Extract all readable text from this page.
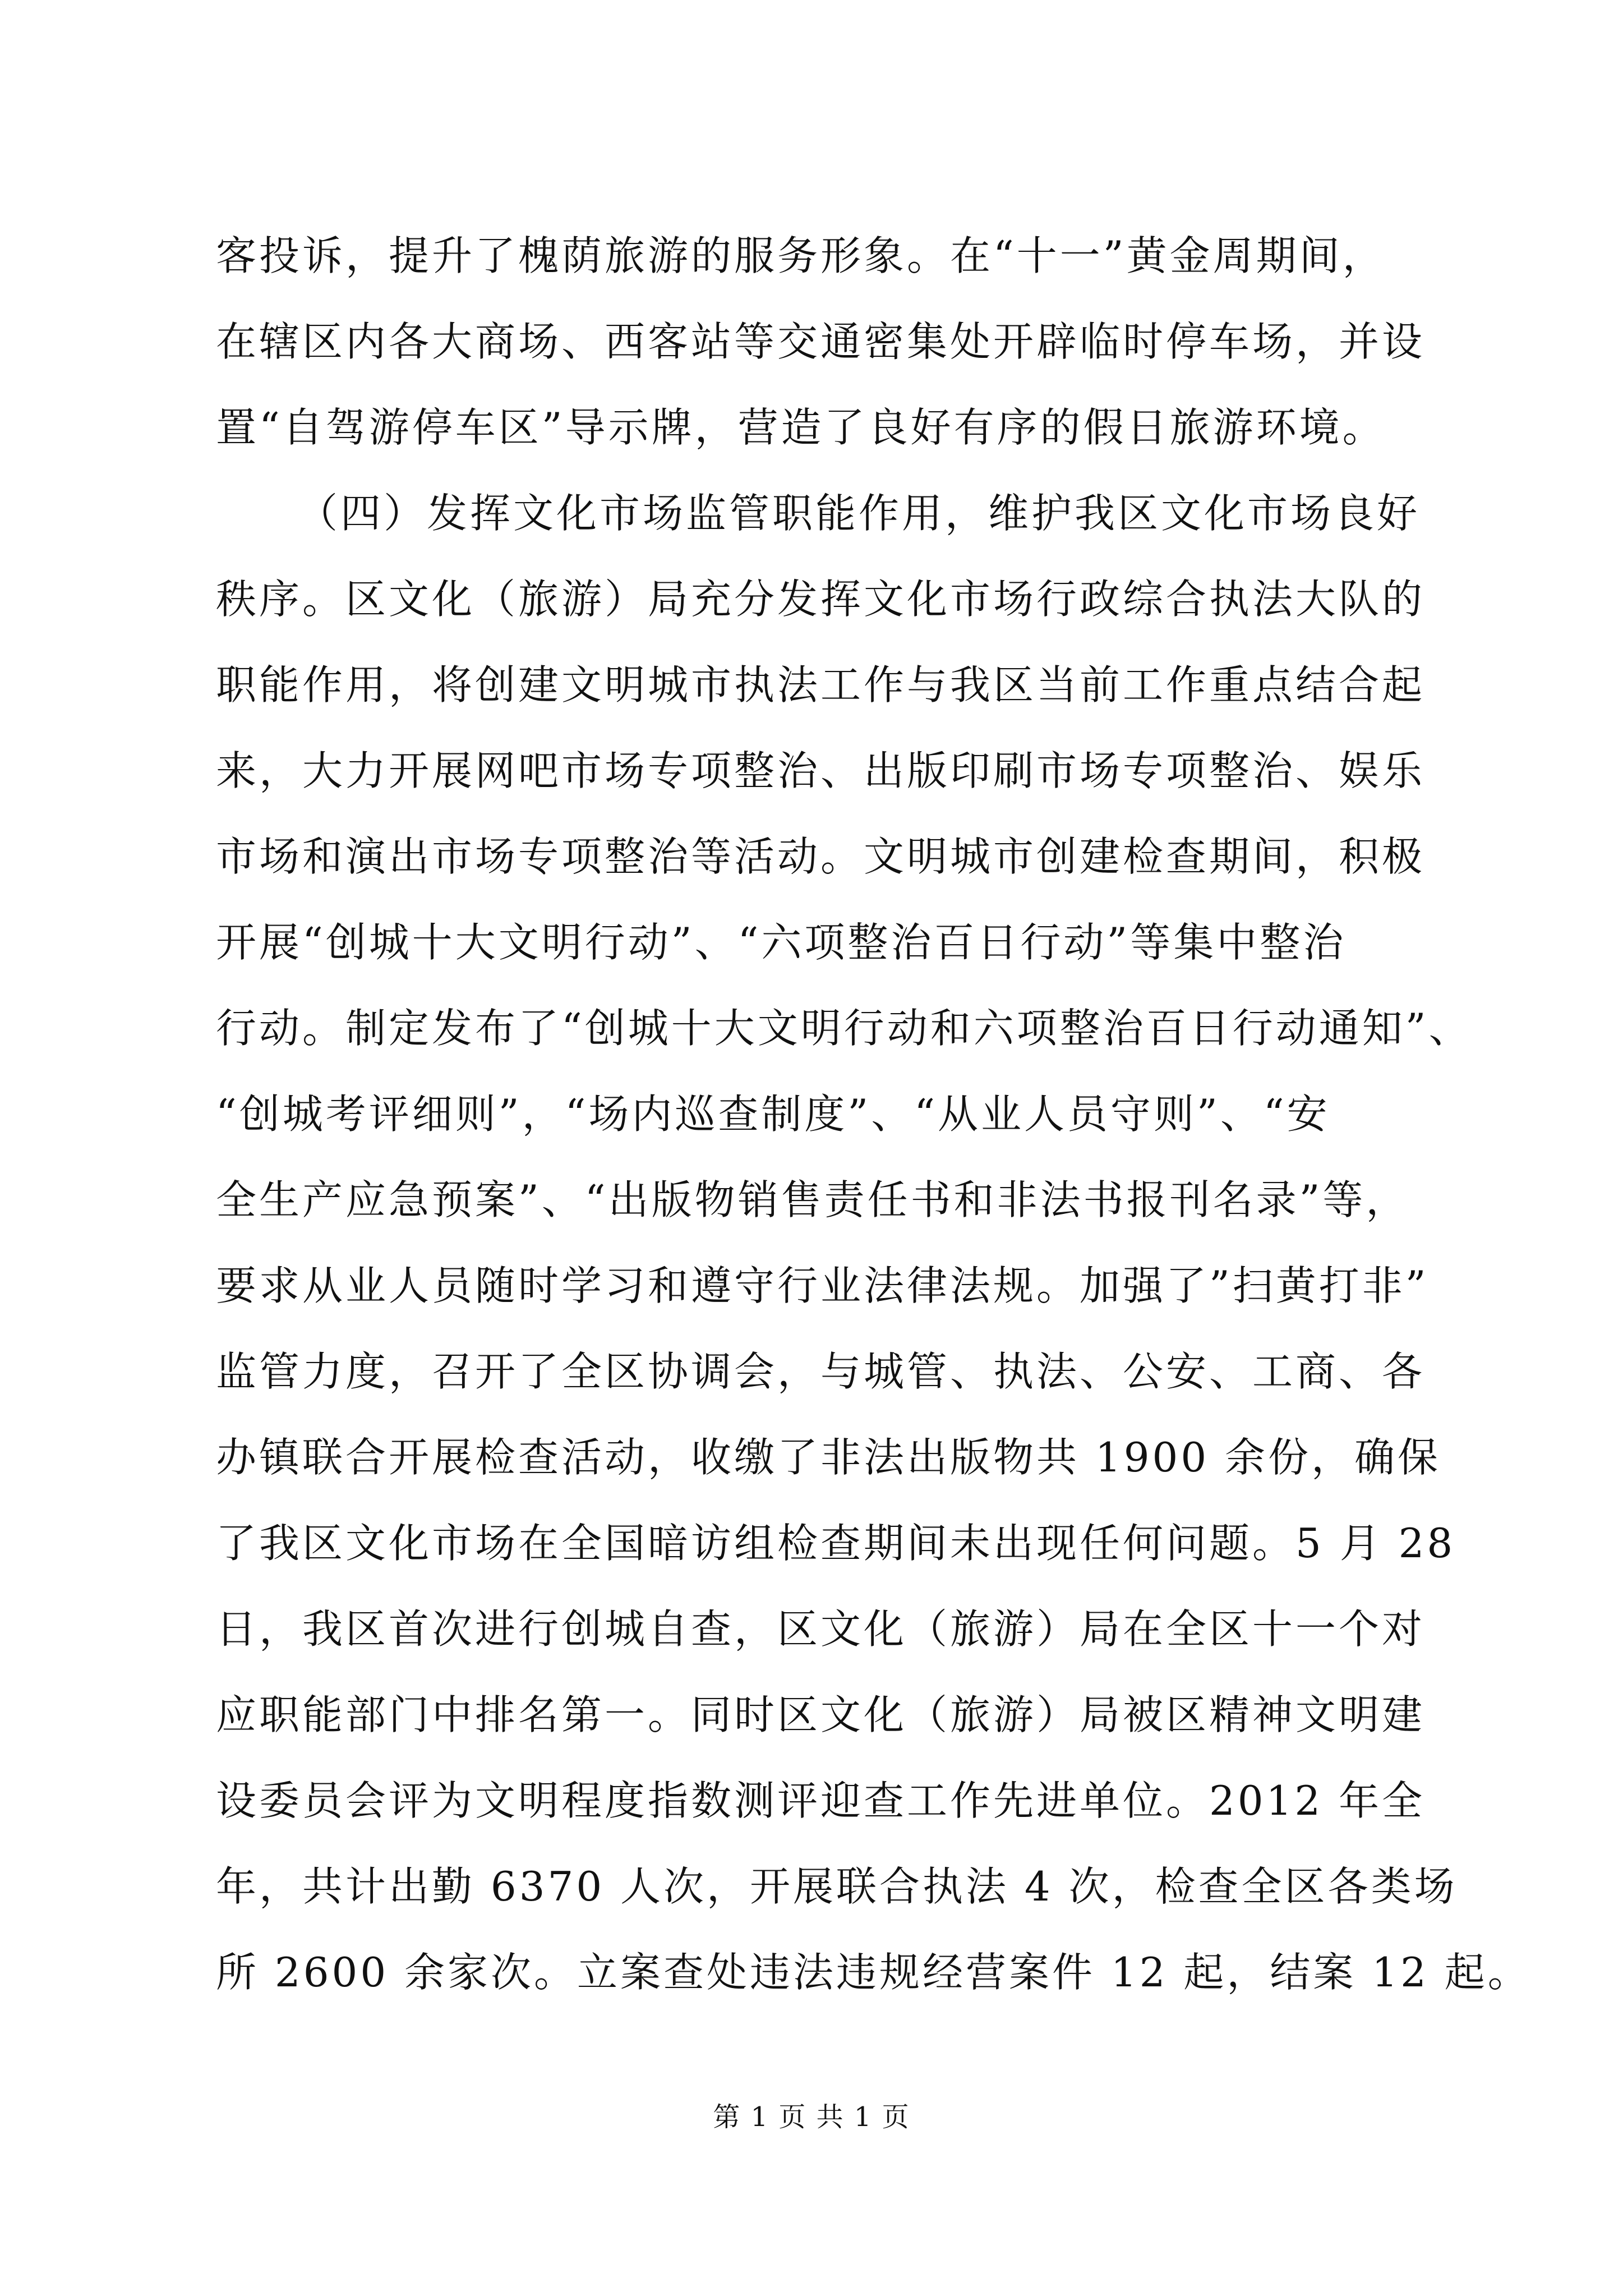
客投诉，提升了槐荫旅游的服务形象。在“十一”黄金周期间，
在辖区内各大商场、西客站等交通密集处开辟临时停车场，并设
置“自驾游停车区”导示牌，营造了良好有序的假日旅游环境。
（四）发挥文化市场监管职能作用，维护我区文化市场良好
秩序。区文化（旅游）局充分发挥文化市场行政综合执法大队的
职能作用，将创建文明城市执法工作与我区当前工作重点结合起
来，大力开展网吧市场专项整治、出版印刷市场专项整治、娱乐
市场和演出市场专项整治等活动。文明城市创建检查期间，积极
开展“创城十大文明行动”、“六项整治百日行动”等集中整治
行动。制定发布了“创城十大文明行动和六项整治百日行动通知”、
“创城考评细则”，“场内巡查制度”、“从业人员守则”、“安
全生产应急预案”、“出版物销售责任书和非法书报刊名录”等，
要求从业人员随时学习和遵守行业法律法规。加强了”扫黄打非”
监管力度，召开了全区协调会，与城管、执法、公安、工商、各
办镇联合开展检查活动，收缴了非法出版物共 1900 余份，确保
了我区文化市场在全国暗访组检查期间未出现任何问题。5 月 28
日，我区首次进行创城自查，区文化（旅游）局在全区十一个对
应职能部门中排名第一。同时区文化（旅游）局被区精神文明建
设委员会评为文明程度指数测评迎查工作先进单位。2012 年全
年，共计出勤 6370 人次，开展联合执法 4 次，检查全区各类场
所 2600 余家次。立案查处违法违规经营案件 12 起，结案 12 起。
第 1 页 共 1 页
